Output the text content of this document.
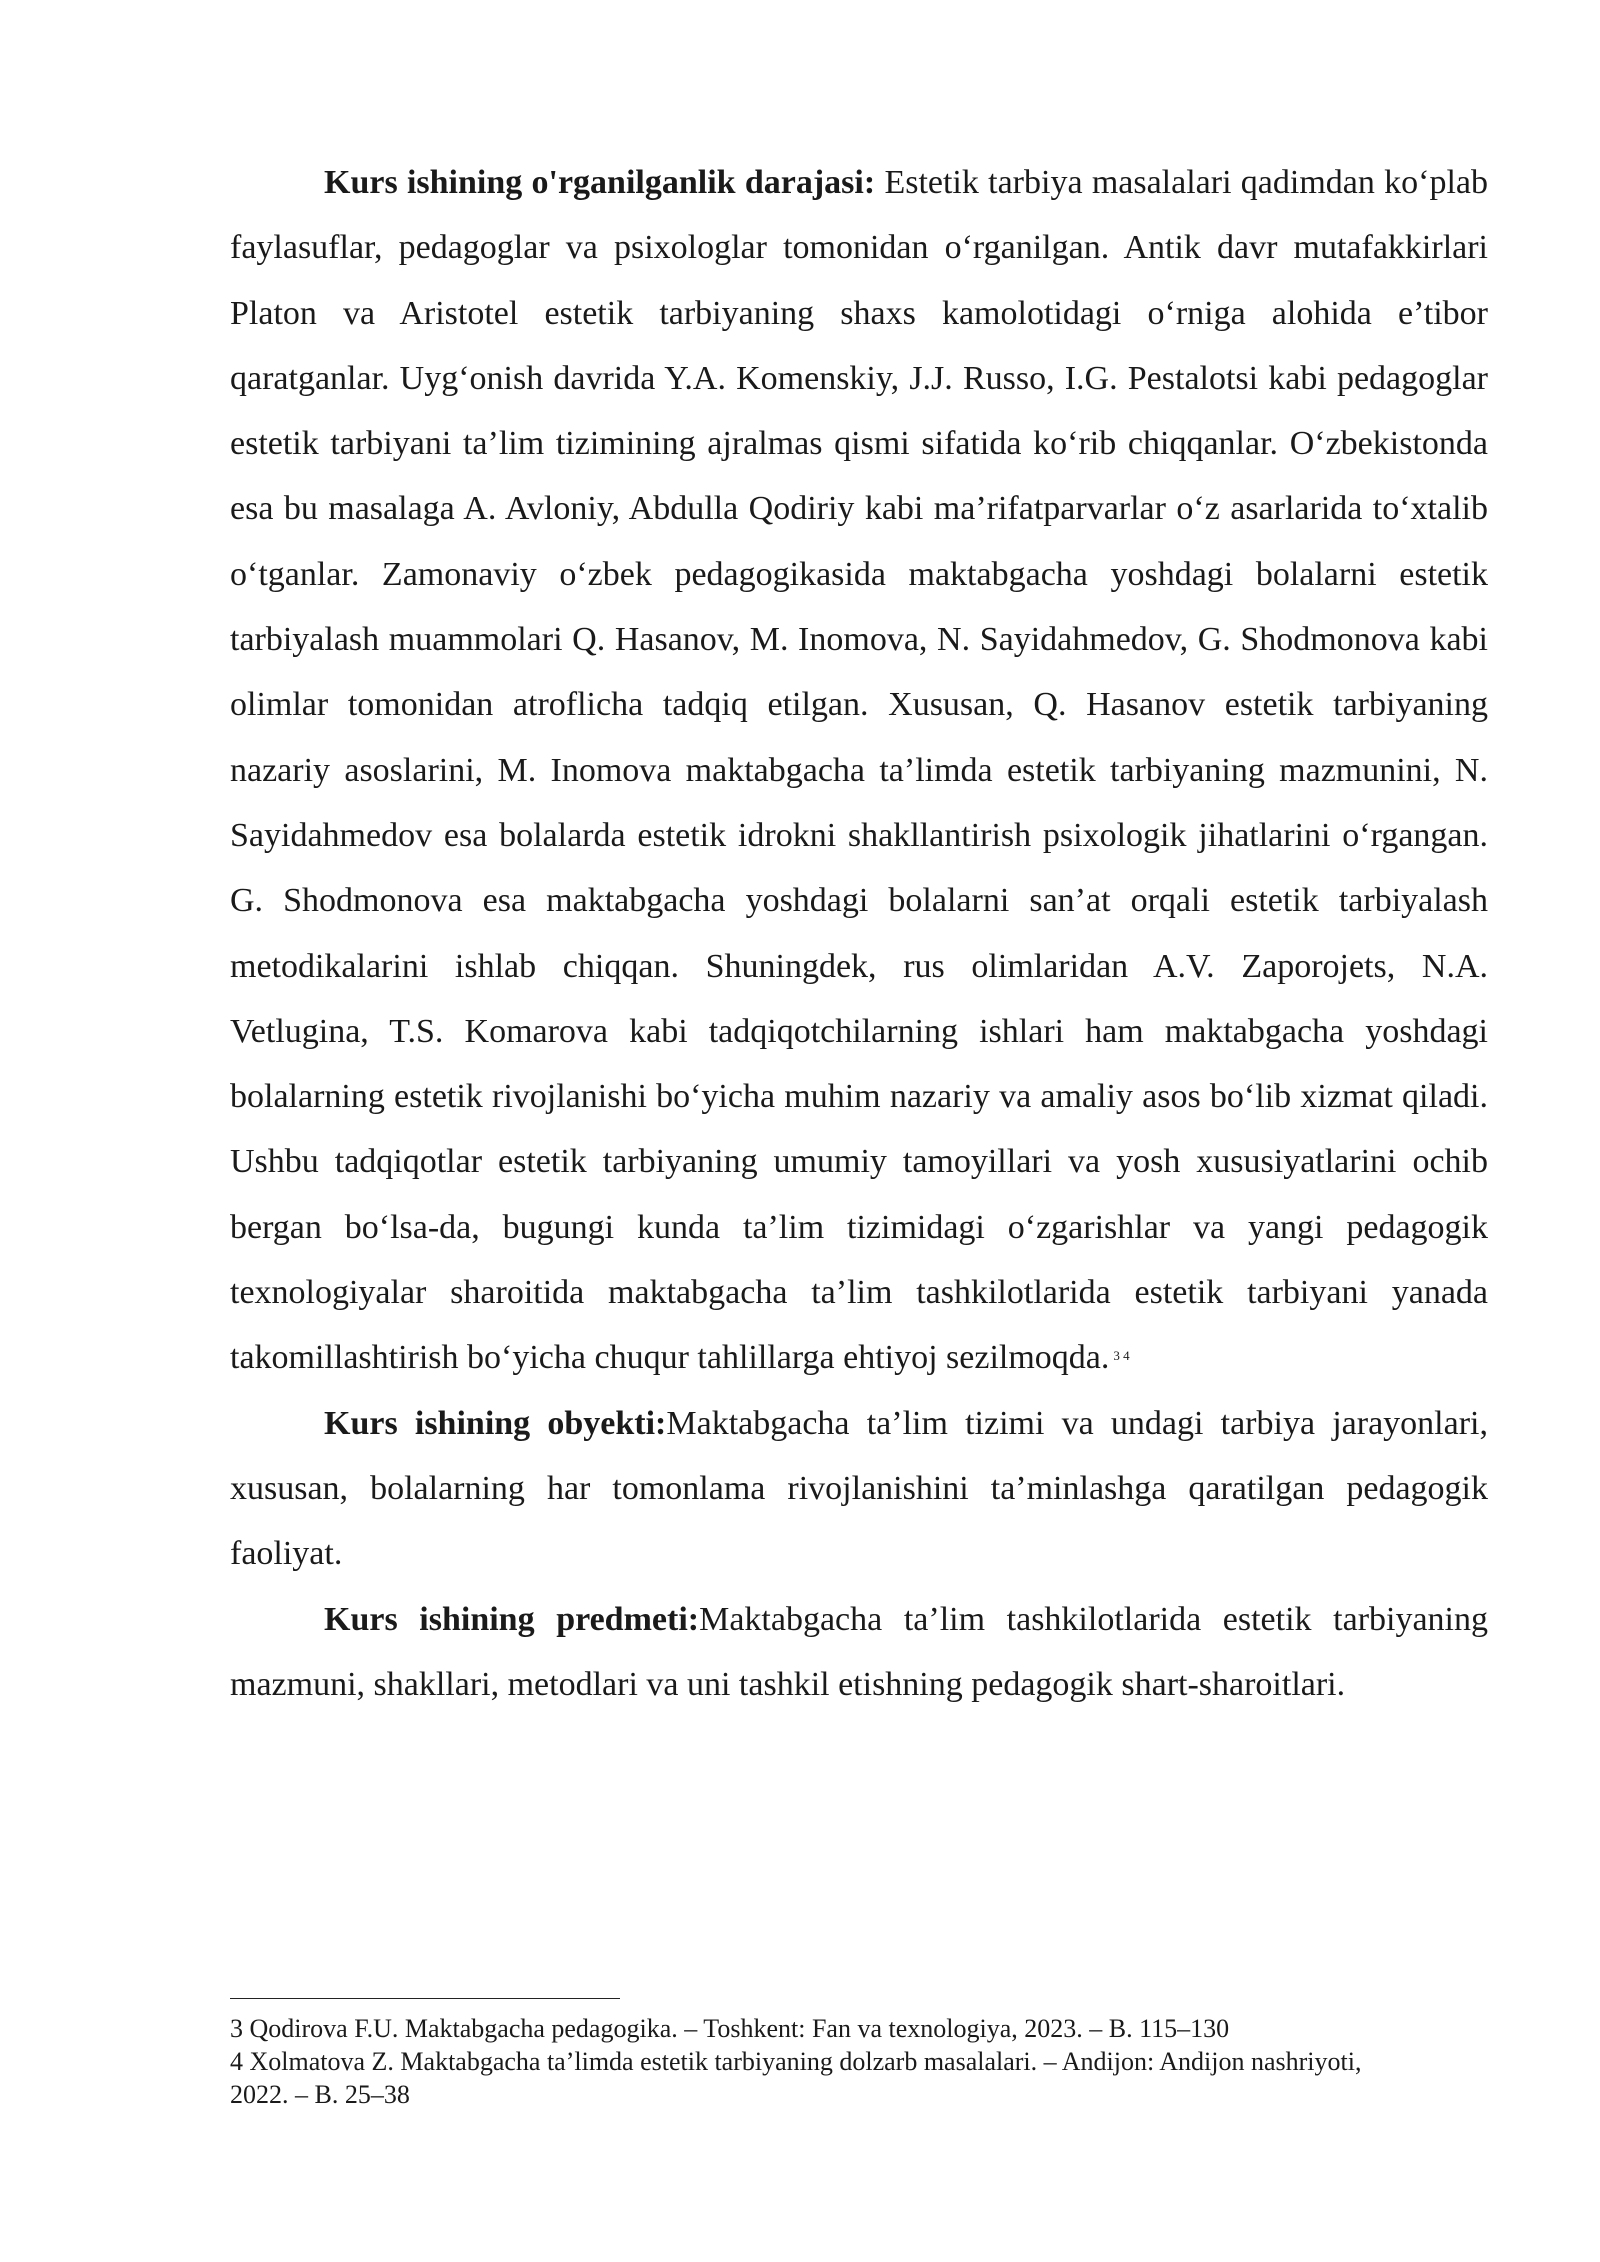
Kurs ishining o'rganilganlik darajasi: Estetik tarbiya masalalari qadimdan koʻplab faylasuflar, pedagoglar va psixologlar tomonidan oʻrganilgan. Antik davr mutafakkirlari Platon va Aristotel estetik tarbiyaning shaxs kamolotidagi oʻrniga alohida e’tibor qaratganlar. Uygʻonish davrida Y.A. Komenskiy, J.J. Russo, I.G. Pestalotsi kabi pedagoglar estetik tarbiyani ta’lim tizimining ajralmas qismi sifatida koʻrib chiqqanlar. Oʻzbekistonda esa bu masalaga A. Avloniy, Abdulla Qodiriy kabi ma’rifatparvarlar oʻz asarlarida toʻxtalib oʻtganlar. Zamonaviy oʻzbek pedagogikasida maktabgacha yoshdagi bolalarni estetik tarbiyalash muammolari Q. Hasanov, M. Inomova, N. Sayidahmedov, G. Shodmonova kabi olimlar tomonidan atroflicha tadqiq etilgan. Xususan, Q. Hasanov estetik tarbiyaning nazariy asoslarini, M. Inomova maktabgacha ta’limda estetik tarbiyaning mazmunini, N. Sayidahmedov esa bolalarda estetik idrokni shakllantirish psixologik jihatlarini oʻrgangan. G. Shodmonova esa maktabgacha yoshdagi bolalarni san’at orqali estetik tarbiyalash metodikalarini ishlab chiqqan. Shuningdek, rus olimlaridan A.V. Zaporojets, N.A. Vetlugina, T.S. Komarova kabi tadqiqotchilarning ishlari ham maktabgacha yoshdagi bolalarning estetik rivojlanishi boʻyicha muhim nazariy va amaliy asos boʻlib xizmat qiladi. Ushbu tadqiqotlar estetik tarbiyaning umumiy tamoyillari va yosh xususiyatlarini ochib bergan boʻlsa-da, bugungi kunda ta’lim tizimidagi oʻzgarishlar va yangi pedagogik texnologiyalar sharoitida maktabgacha ta’lim tashkilotlarida estetik tarbiyani yanada takomillashtirish boʻyicha chuqur tahlillarga ehtiyoj sezilmoqda. $^{3 4}$

Kurs ishining obyekti:Maktabgacha ta’lim tizimi va undagi tarbiya jarayonlari, xususan, bolalarning har tomonlama rivojlanishini ta’minlashga qaratilgan pedagogik faoliyat.

Kurs ishining predmeti:Maktabgacha ta’lim tashkilotlarida estetik tarbiyaning mazmuni, shakllari, metodlari va uni tashkil etishning pedagogik shart-sharoitlari.

3 Qodirova F.U. Maktabgacha pedagogika. – Toshkent: Fan va texnologiya, 2023. – B. 115–130

4 Xolmatova Z. Maktabgacha ta’limda estetik tarbiyaning dolzarb masalalari. – Andijon: Andijon nashriyoti, 2022. – B. 25–38
